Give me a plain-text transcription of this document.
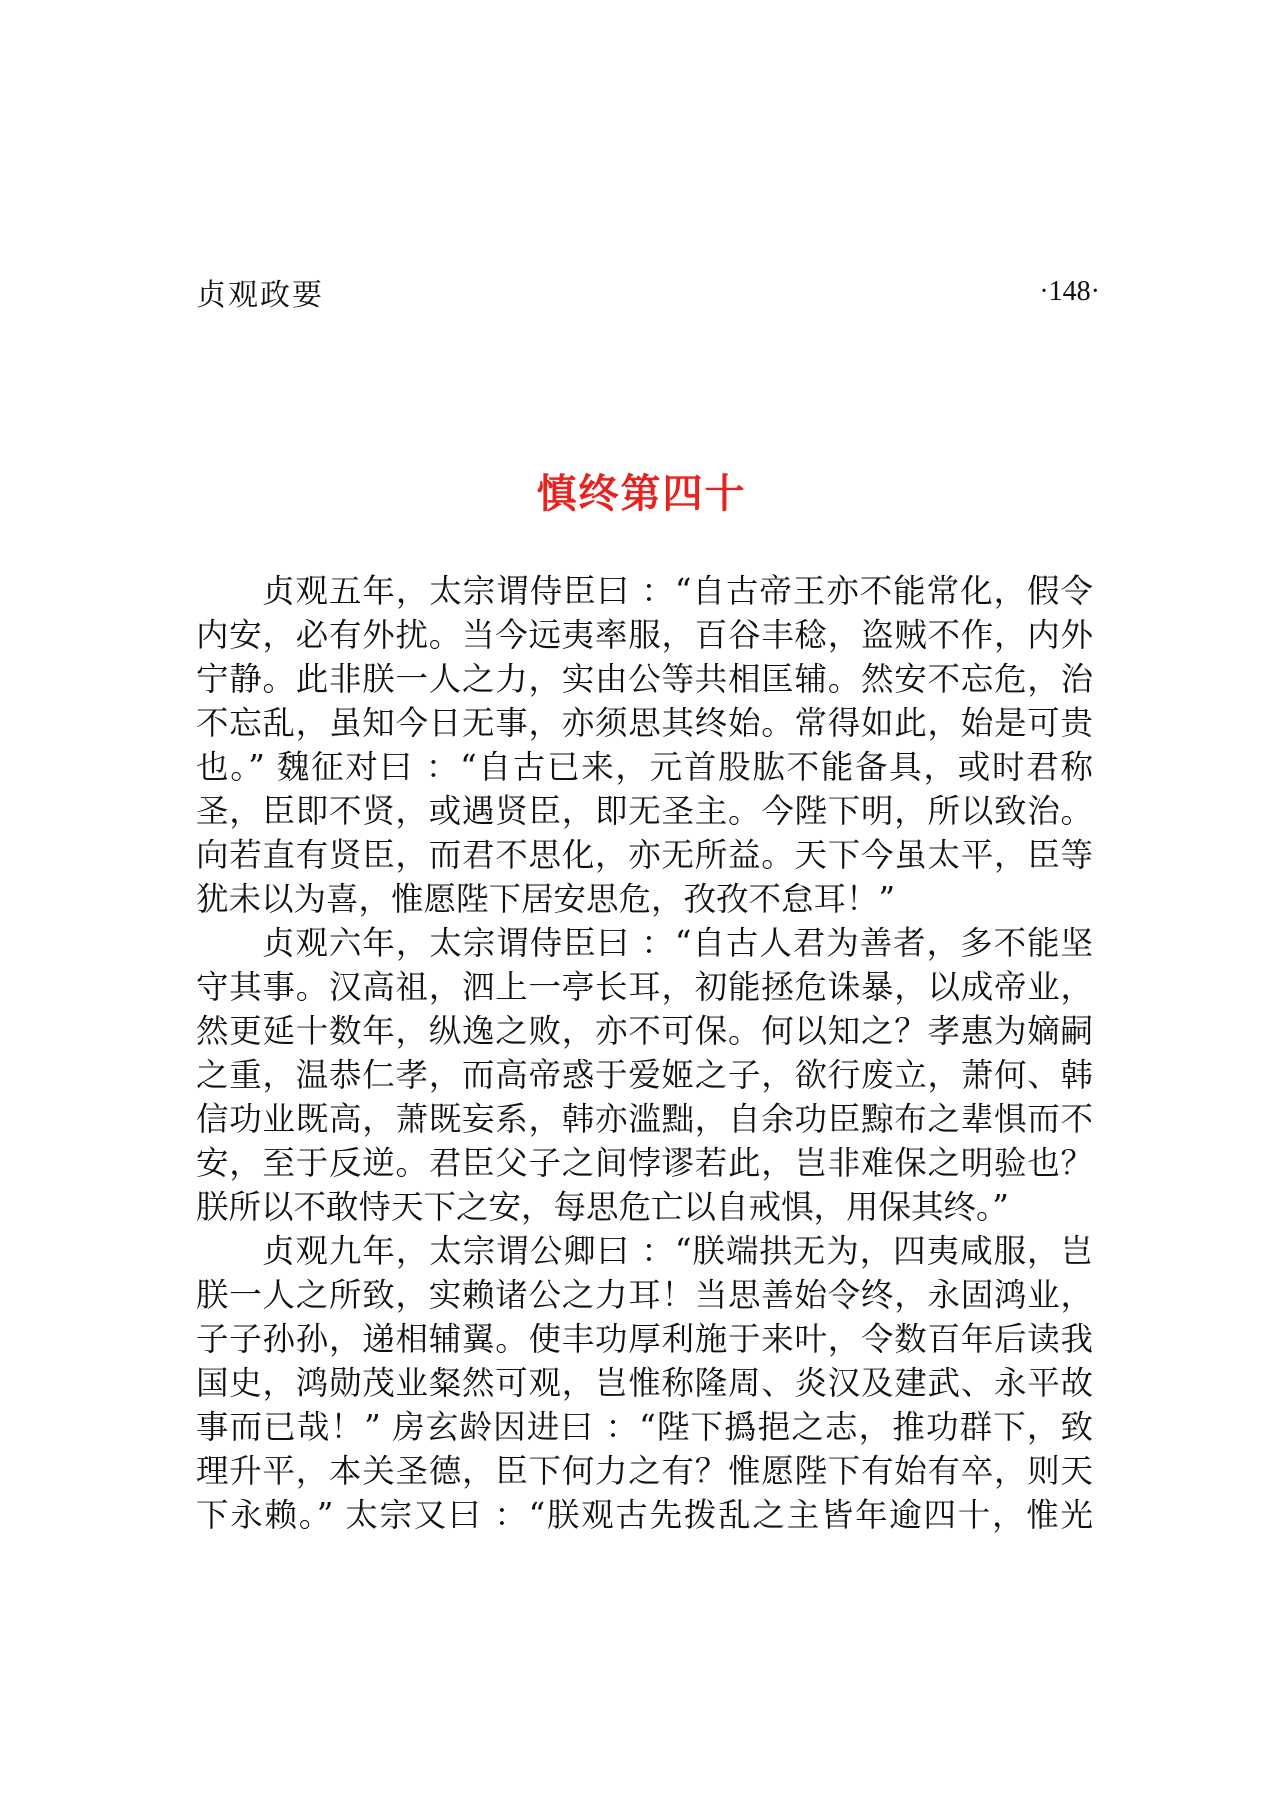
贞观政要	·148·
慎终第四十
贞观五年，太宗谓侍臣曰 ：“自古帝王亦不能常化，假令
内安，必有外扰。当今远夷率服，百谷丰稔，盗贼不作，内外
宁静。此非朕一人之力，实由公等共相匡辅。然安不忘危，治
不忘乱，虽知今日无事，亦须思其终始。常得如此，始是可贵
也。” 魏征对曰 ：“自古已来，元首股肱不能备具，或时君称
圣，臣即不贤，或遇贤臣，即无圣主。今陛下明，所以致治。
向若直有贤臣，而君不思化，亦无所益。天下今虽太平，臣等
犹未以为喜，惟愿陛下居安思危，孜孜不怠耳！”
贞观六年，太宗谓侍臣曰 ：“自古人君为善者，多不能坚
守其事。汉高祖，泗上一亭长耳，初能拯危诛暴，以成帝业，
然更延十数年，纵逸之败，亦不可保。何以知之？孝惠为嫡嗣
之重，温恭仁孝，而高帝惑于爱姬之子，欲行废立，萧何、韩
信功业既高，萧既妄系，韩亦滥黜，自余功臣黥布之辈惧而不
安，至于反逆。君臣父子之间悖谬若此，岂非难保之明验也？
朕所以不敢恃天下之安，每思危亡以自戒惧，用保其终。”
贞观九年，太宗谓公卿曰 ：“朕端拱无为，四夷咸服，岂
朕一人之所致，实赖诸公之力耳！当思善始令终，永固鸿业，
子子孙孙，递相辅翼。使丰功厚利施于来叶，令数百年后读我
国史，鸿勋茂业粲然可观，岂惟称隆周、炎汉及建武、永平故
事而已哉！” 房玄龄因进曰 ：“陛下撝挹之志，推功群下，致
理升平，本关圣德，臣下何力之有？惟愿陛下有始有卒，则天
下永赖。” 太宗又曰 ：“朕观古先拨乱之主皆年逾四十，惟光
